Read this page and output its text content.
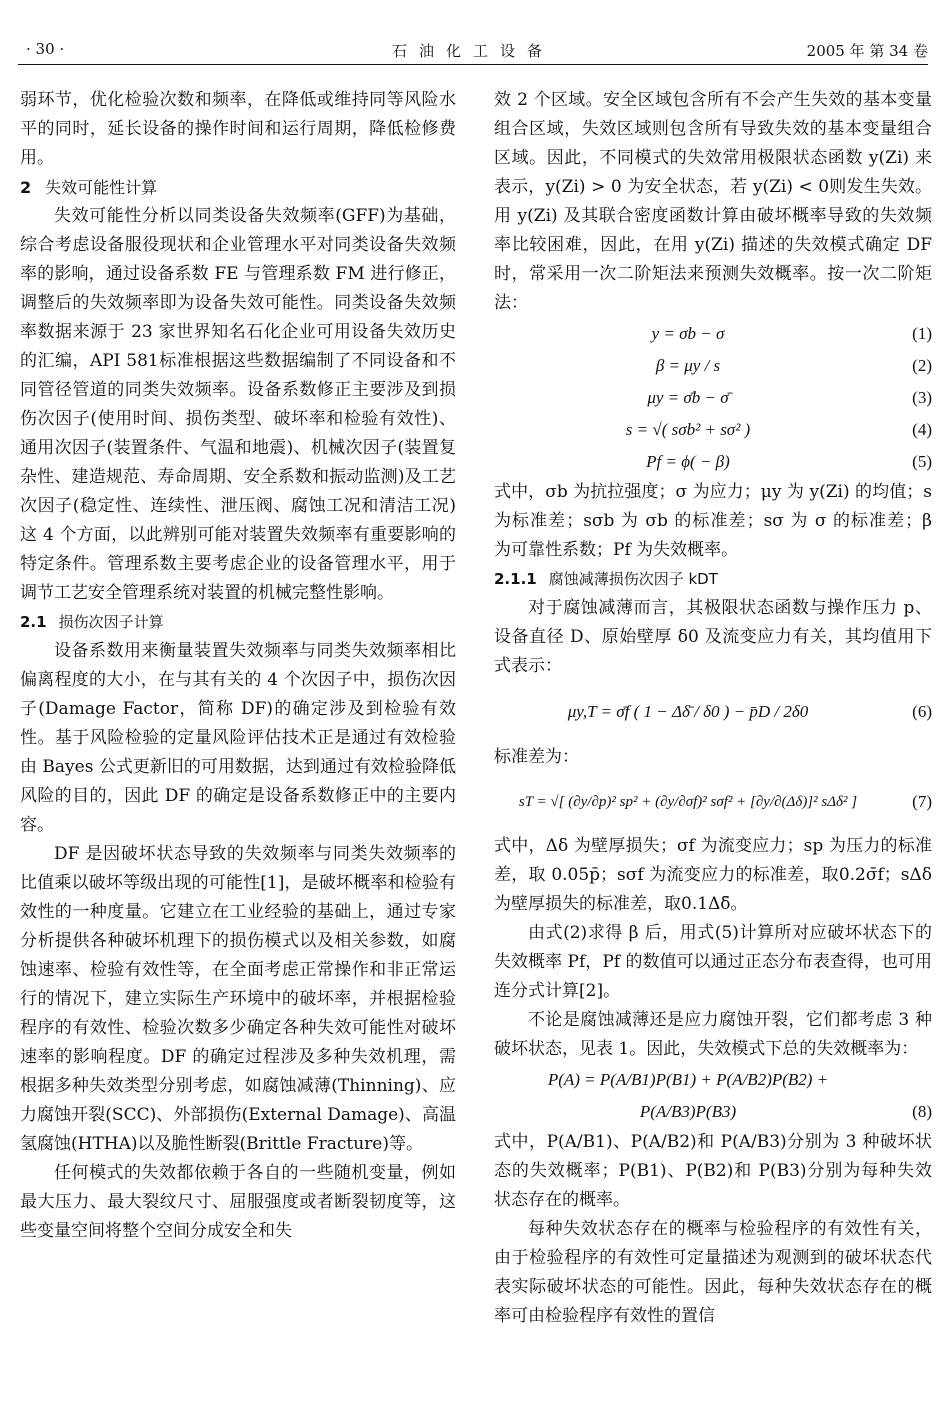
· 30 ·	石油化工设备	2005 年 第 34 卷

弱环节，优化检验次数和频率，在降低或维持同等风险水平的同时，延长设备的操作时间和运行周期，降低检修费用。

2 失效可能性计算

失效可能性分析以同类设备失效频率(GFF)为基础，综合考虑设备服役现状和企业管理水平对同类设备失效频率的影响，通过设备系数 FE 与管理系数 FM 进行修正，调整后的失效频率即为设备失效可能性。同类设备失效频率数据来源于 23 家世界知名石化企业可用设备失效历史的汇编，API 581标准根据这些数据编制了不同设备和不同管径管道的同类失效频率。设备系数修正主要涉及到损伤次因子(使用时间、损伤类型、破坏率和检验有效性)、通用次因子(装置条件、气温和地震)、机械次因子(装置复杂性、建造规范、寿命周期、安全系数和振动监测)及工艺次因子(稳定性、连续性、泄压阀、腐蚀工况和清洁工况)这 4 个方面，以此辨别可能对装置失效频率有重要影响的特定条件。管理系数主要考虑企业的设备管理水平，用于调节工艺安全管理系统对装置的机械完整性影响。

2.1 损伤次因子计算

设备系数用来衡量装置失效频率与同类失效频率相比偏离程度的大小，在与其有关的 4 个次因子中，损伤次因子(Damage Factor，简称 DF)的确定涉及到检验有效性。基于风险检验的定量风险评估技术正是通过有效检验由 Bayes 公式更新旧的可用数据，达到通过有效检验降低风险的目的，因此 DF 的确定是设备系数修正中的主要内容。

DF 是因破坏状态导致的失效频率与同类失效频率的比值乘以破坏等级出现的可能性[1]，是破坏概率和检验有效性的一种度量。它建立在工业经验的基础上，通过专家分析提供各种破坏机理下的损伤模式以及相关参数，如腐蚀速率、检验有效性等，在全面考虑正常操作和非正常运行的情况下，建立实际生产环境中的破坏率，并根据检验程序的有效性、检验次数多少确定各种失效可能性对破坏速率的影响程度。DF 的确定过程涉及多种失效机理，需根据多种失效类型分别考虑，如腐蚀减薄(Thinning)、应力腐蚀开裂(SCC)、外部损伤(External Damage)、高温氢腐蚀(HTHA)以及脆性断裂(Brittle Fracture)等。

任何模式的失效都依赖于各自的一些随机变量，例如最大压力、最大裂纹尺寸、屈服强度或者断裂韧度等，这些变量空间将整个空间分成安全和失

效 2 个区域。安全区域包含所有不会产生失效的基本变量组合区域，失效区域则包含所有导致失效的基本变量组合区域。因此，不同模式的失效常用极限状态函数 y(Zi) 来表示，y(Zi) > 0 为安全状态，若 y(Zi) < 0则发生失效。用 y(Zi) 及其联合密度函数计算由破坏概率导致的失效频率比较困难，因此，在用 y(Zi) 描述的失效模式确定 DF 时，常采用一次二阶矩法来预测失效概率。按一次二阶矩法：

y = σb − σ	(1)
β = μy / s	(2)
μy = σ̄b − σ̄	(3)
s = √( sσb² + sσ² )	(4)
Pf = ϕ( − β)	(5)

式中，σb 为抗拉强度；σ 为应力；μy 为 y(Zi) 的均值；s 为标准差；sσb 为 σb 的标准差；sσ 为 σ 的标准差；β 为可靠性系数；Pf 为失效概率。

2.1.1 腐蚀减薄损伤次因子 kDT

对于腐蚀减薄而言，其极限状态函数与操作压力 p、设备直径 D、原始壁厚 δ0 及流变应力有关，其均值用下式表示：

μy,T = σ̄f ( 1 − Δδ̄ / δ0 ) − p̄D / 2δ0	(6)

标准差为：

sT = √[ (∂y/∂p)² sp² + (∂y/∂σf)² sσf² + [∂y/∂(Δδ)]² sΔδ² ]	(7)

式中，Δδ 为壁厚损失；σf 为流变应力；sp 为压力的标准差，取 0.05p̄；sσf 为流变应力的标准差，取0.2σ̄f；sΔδ 为壁厚损失的标准差，取0.1Δδ̄。

由式(2)求得 β 后，用式(5)计算所对应破坏状态下的失效概率 Pf，Pf 的数值可以通过正态分布表查得，也可用连分式计算[2]。

不论是腐蚀减薄还是应力腐蚀开裂，它们都考虑 3 种破坏状态，见表 1。因此，失效模式下总的失效概率为：

P(A) = P(A/B1)P(B1) + P(A/B2)P(B2) +
P(A/B3)P(B3)	(8)

式中，P(A/B1)、P(A/B2)和 P(A/B3)分别为 3 种破坏状态的失效概率；P(B1)、P(B2)和 P(B3)分别为每种失效状态存在的概率。

每种失效状态存在的概率与检验程序的有效性有关，由于检验程序的有效性可定量描述为观测到的破坏状态代表实际破坏状态的可能性。因此，每种失效状态存在的概率可由检验程序有效性的置信
